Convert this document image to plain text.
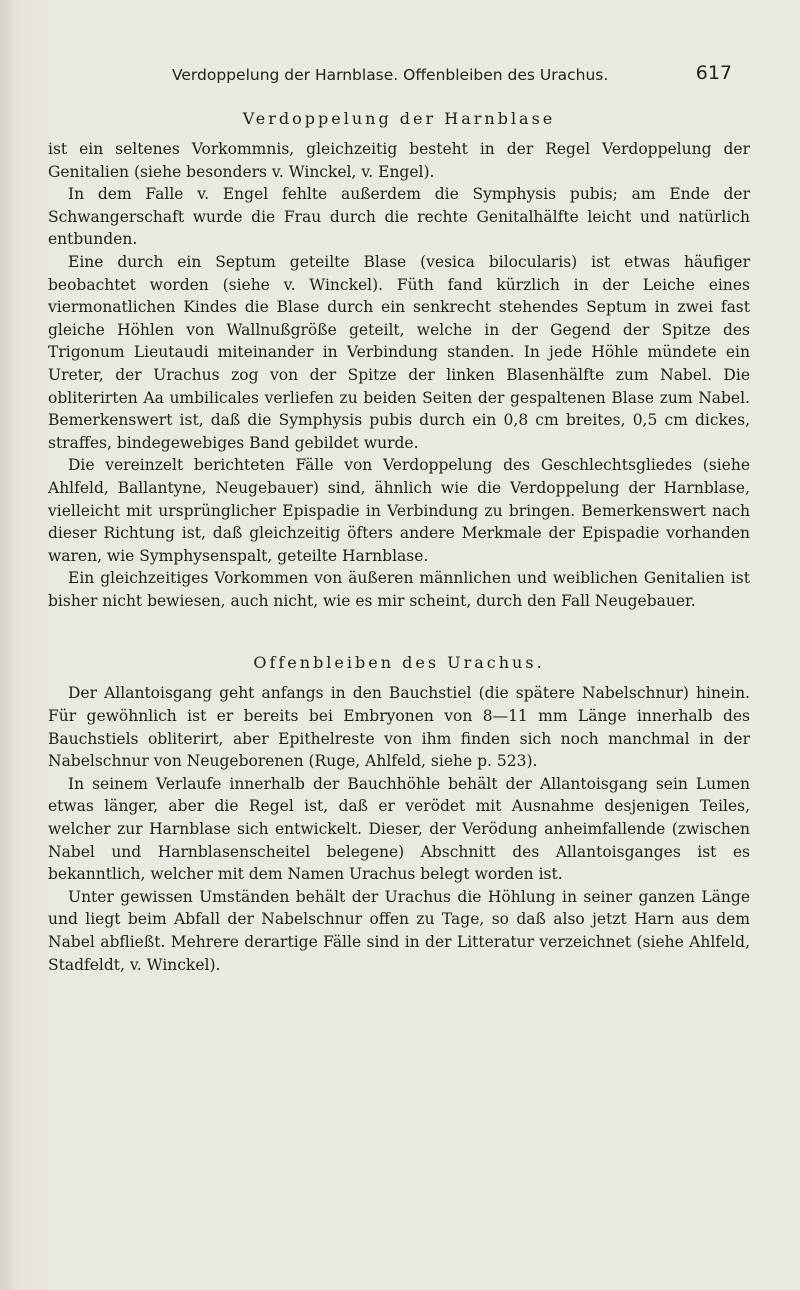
Verdoppelung der Harnblase. Offenbleiben des Urachus.	617
Verdoppelung der Harnblase

ist ein seltenes Vorkommnis, gleichzeitig besteht in der Regel Verdoppelung der Genitalien (siehe besonders v. Winckel, v. Engel).

In dem Falle v. Engel fehlte außerdem die Symphysis pubis; am Ende der Schwangerschaft wurde die Frau durch die rechte Genitalhälfte leicht und natürlich entbunden.

Eine durch ein Septum geteilte Blase (vesica bilocularis) ist etwas häufiger beobachtet worden (siehe v. Winckel). Füth fand kürzlich in der Leiche eines viermonatlichen Kindes die Blase durch ein senkrecht stehendes Septum in zwei fast gleiche Höhlen von Wallnußgröße geteilt, welche in der Gegend der Spitze des Trigonum Lieutaudi miteinander in Verbindung standen. In jede Höhle mündete ein Ureter, der Urachus zog von der Spitze der linken Blasenhälfte zum Nabel. Die obliterirten Aa umbilicales verliefen zu beiden Seiten der gespaltenen Blase zum Nabel. Bemerkenswert ist, daß die Symphysis pubis durch ein 0,8 cm breites, 0,5 cm dickes, straffes, bindegewebiges Band gebildet wurde.

Die vereinzelt berichteten Fälle von Verdoppelung des Geschlechtsgliedes (siehe Ahlfeld, Ballantyne, Neugebauer) sind, ähnlich wie die Verdoppelung der Harnblase, vielleicht mit ursprünglicher Epispadie in Verbindung zu bringen. Bemerkenswert nach dieser Richtung ist, daß gleichzeitig öfters andere Merkmale der Epispadie vorhanden waren, wie Symphysenspalt, geteilte Harnblase.

Ein gleichzeitiges Vorkommen von äußeren männlichen und weiblichen Genitalien ist bisher nicht bewiesen, auch nicht, wie es mir scheint, durch den Fall Neugebauer.

Offenbleiben des Urachus.

Der Allantoisgang geht anfangs in den Bauchstiel (die spätere Nabelschnur) hinein. Für gewöhnlich ist er bereits bei Embryonen von 8—11 mm Länge innerhalb des Bauchstiels obliterirt, aber Epithelreste von ihm finden sich noch manchmal in der Nabelschnur von Neugeborenen (Ruge, Ahlfeld, siehe p. 523).

In seinem Verlaufe innerhalb der Bauchhöhle behält der Allantoisgang sein Lumen etwas länger, aber die Regel ist, daß er verödet mit Ausnahme desjenigen Teiles, welcher zur Harnblase sich entwickelt. Dieser, der Verödung anheimfallende (zwischen Nabel und Harnblasenscheitel belegene) Abschnitt des Allantoisganges ist es bekanntlich, welcher mit dem Namen Urachus belegt worden ist.

Unter gewissen Umständen behält der Urachus die Höhlung in seiner ganzen Länge und liegt beim Abfall der Nabelschnur offen zu Tage, so daß also jetzt Harn aus dem Nabel abfließt. Mehrere derartige Fälle sind in der Litteratur verzeichnet (siehe Ahlfeld, Stadfeldt, v. Winckel).
